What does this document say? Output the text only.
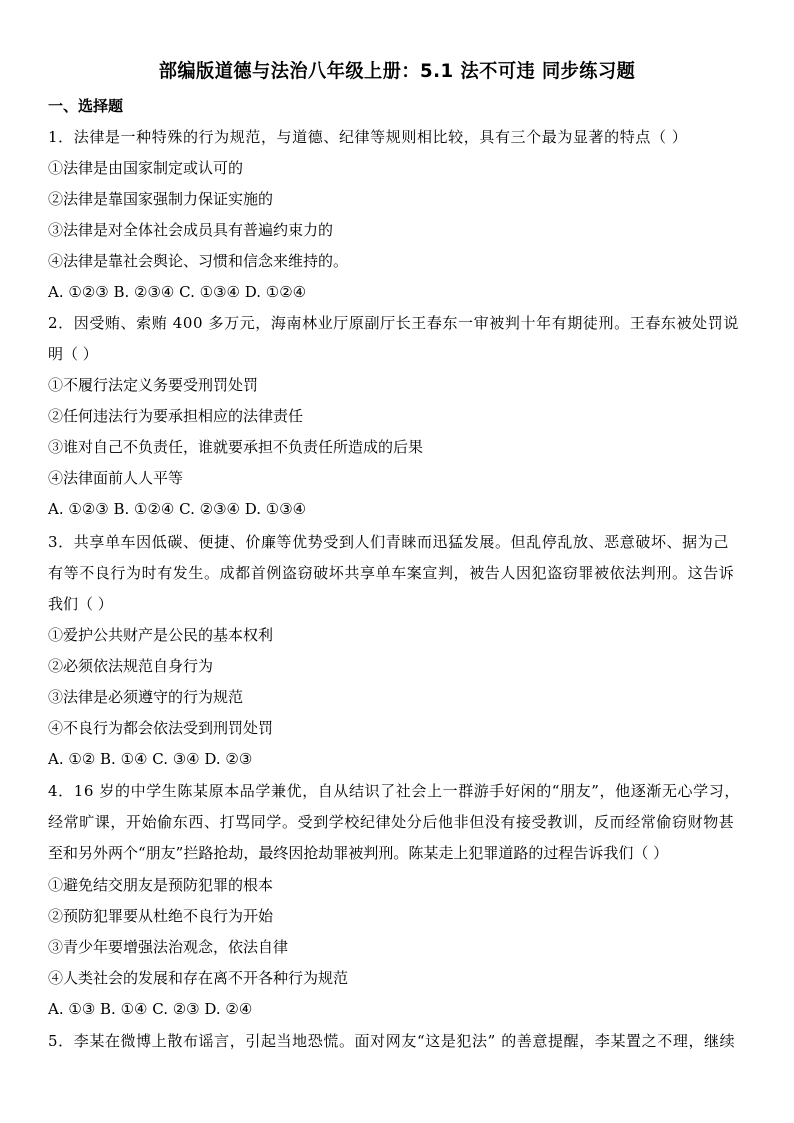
部编版道德与法治八年级上册：5.1 法不可违 同步练习题
一、选择题
1．法律是一种特殊的行为规范，与道德、纪律等规则相比较，具有三个最为显著的特点（ ）
①法律是由国家制定或认可的
②法律是靠国家强制力保证实施的
③法律是对全体社会成员具有普遍约束力的
④法律是靠社会舆论、习惯和信念来维持的。
A. ①②③ B. ②③④ C. ①③④ D. ①②④
2．因受贿、索贿 400 多万元，海南林业厅原副厅长王春东一审被判十年有期徒刑。王春东被处罚说
明（ ）
①不履行法定义务要受刑罚处罚
②任何违法行为要承担相应的法律责任
③谁对自己不负责任，谁就要承担不负责任所造成的后果
④法律面前人人平等
A. ①②③ B. ①②④ C. ②③④ D. ①③④
3．共享单车因低碳、便捷、价廉等优势受到人们青睐而迅猛发展。但乱停乱放、恶意破坏、据为己
有等不良行为时有发生。成都首例盗窃破坏共享单车案宣判，被告人因犯盗窃罪被依法判刑。这告诉
我们（ ）
①爱护公共财产是公民的基本权利
②必须依法规范自身行为
③法律是必须遵守的行为规范
④不良行为都会依法受到刑罚处罚
A. ①② B. ①④ C. ③④ D. ②③
4．16 岁的中学生陈某原本品学兼优，自从结识了社会上一群游手好闲的“朋友”，他逐渐无心学习，
经常旷课，开始偷东西、打骂同学。受到学校纪律处分后他非但没有接受教训，反而经常偷窃财物甚
至和另外两个“朋友”拦路抢劫，最终因抢劫罪被判刑。陈某走上犯罪道路的过程告诉我们（ ）
①避免结交朋友是预防犯罪的根本
②预防犯罪要从杜绝不良行为开始
③青少年要增强法治观念，依法自律
④人类社会的发展和存在离不开各种行为规范
A. ①③ B. ①④ C. ②③ D. ②④
5．李某在微博上散布谣言，引起当地恐慌。面对网友“这是犯法” 的善意提醒，李某置之不理，继续
